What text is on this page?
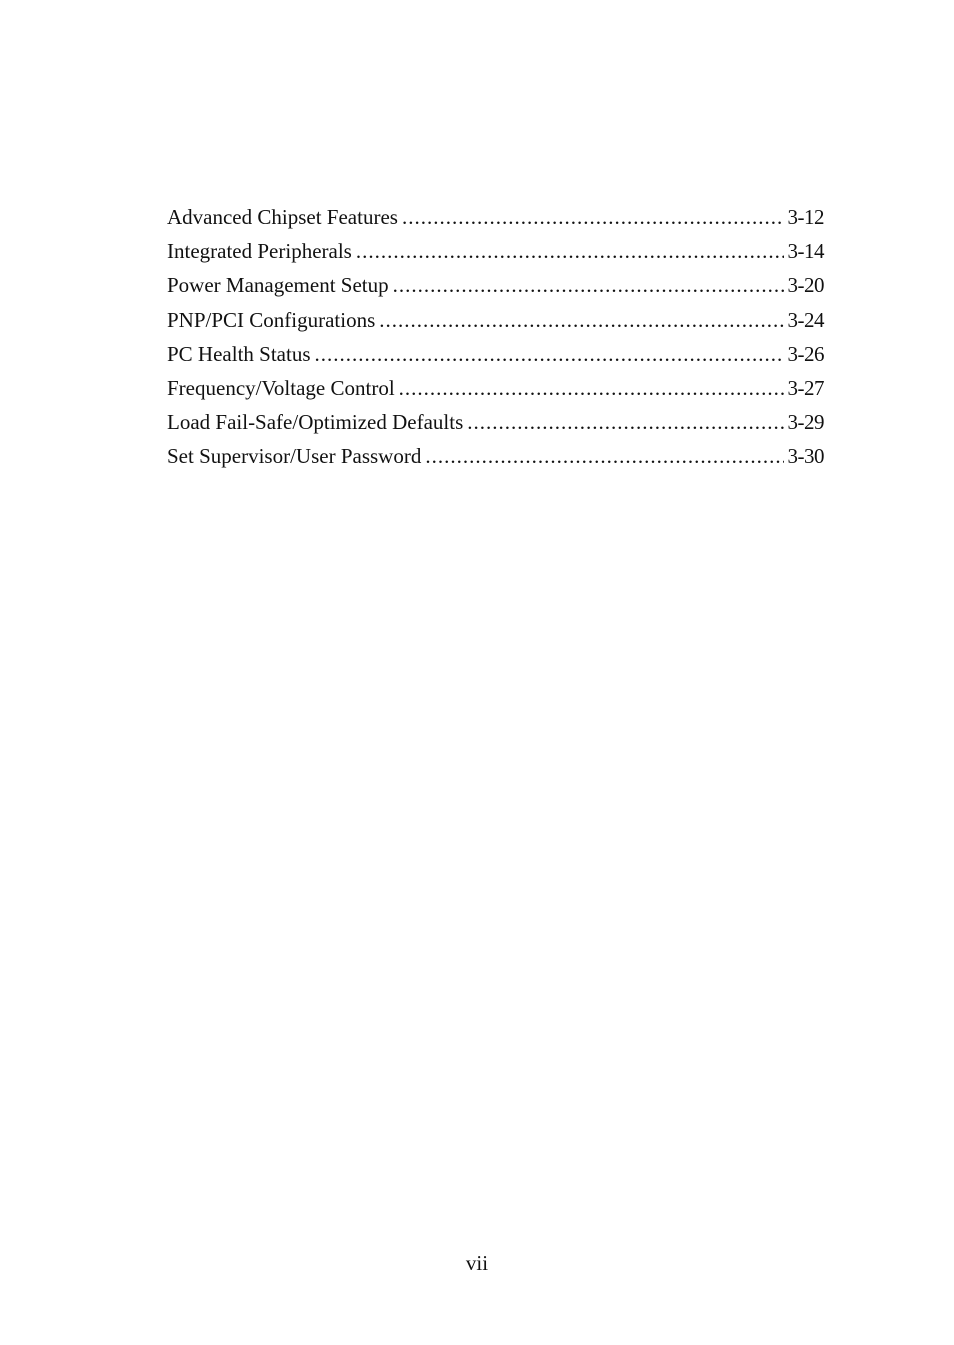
Advanced Chipset Features .....	3-12
Integrated Peripherals .....	3-14
Power Management Setup .....	3-20
PNP/PCI Configurations .....	3-24
PC Health Status .....	3-26
Frequency/Voltage Control .....	3-27
Load Fail-Safe/Optimized Defaults .....	3-29
Set Supervisor/User Password .....	3-30
vii
